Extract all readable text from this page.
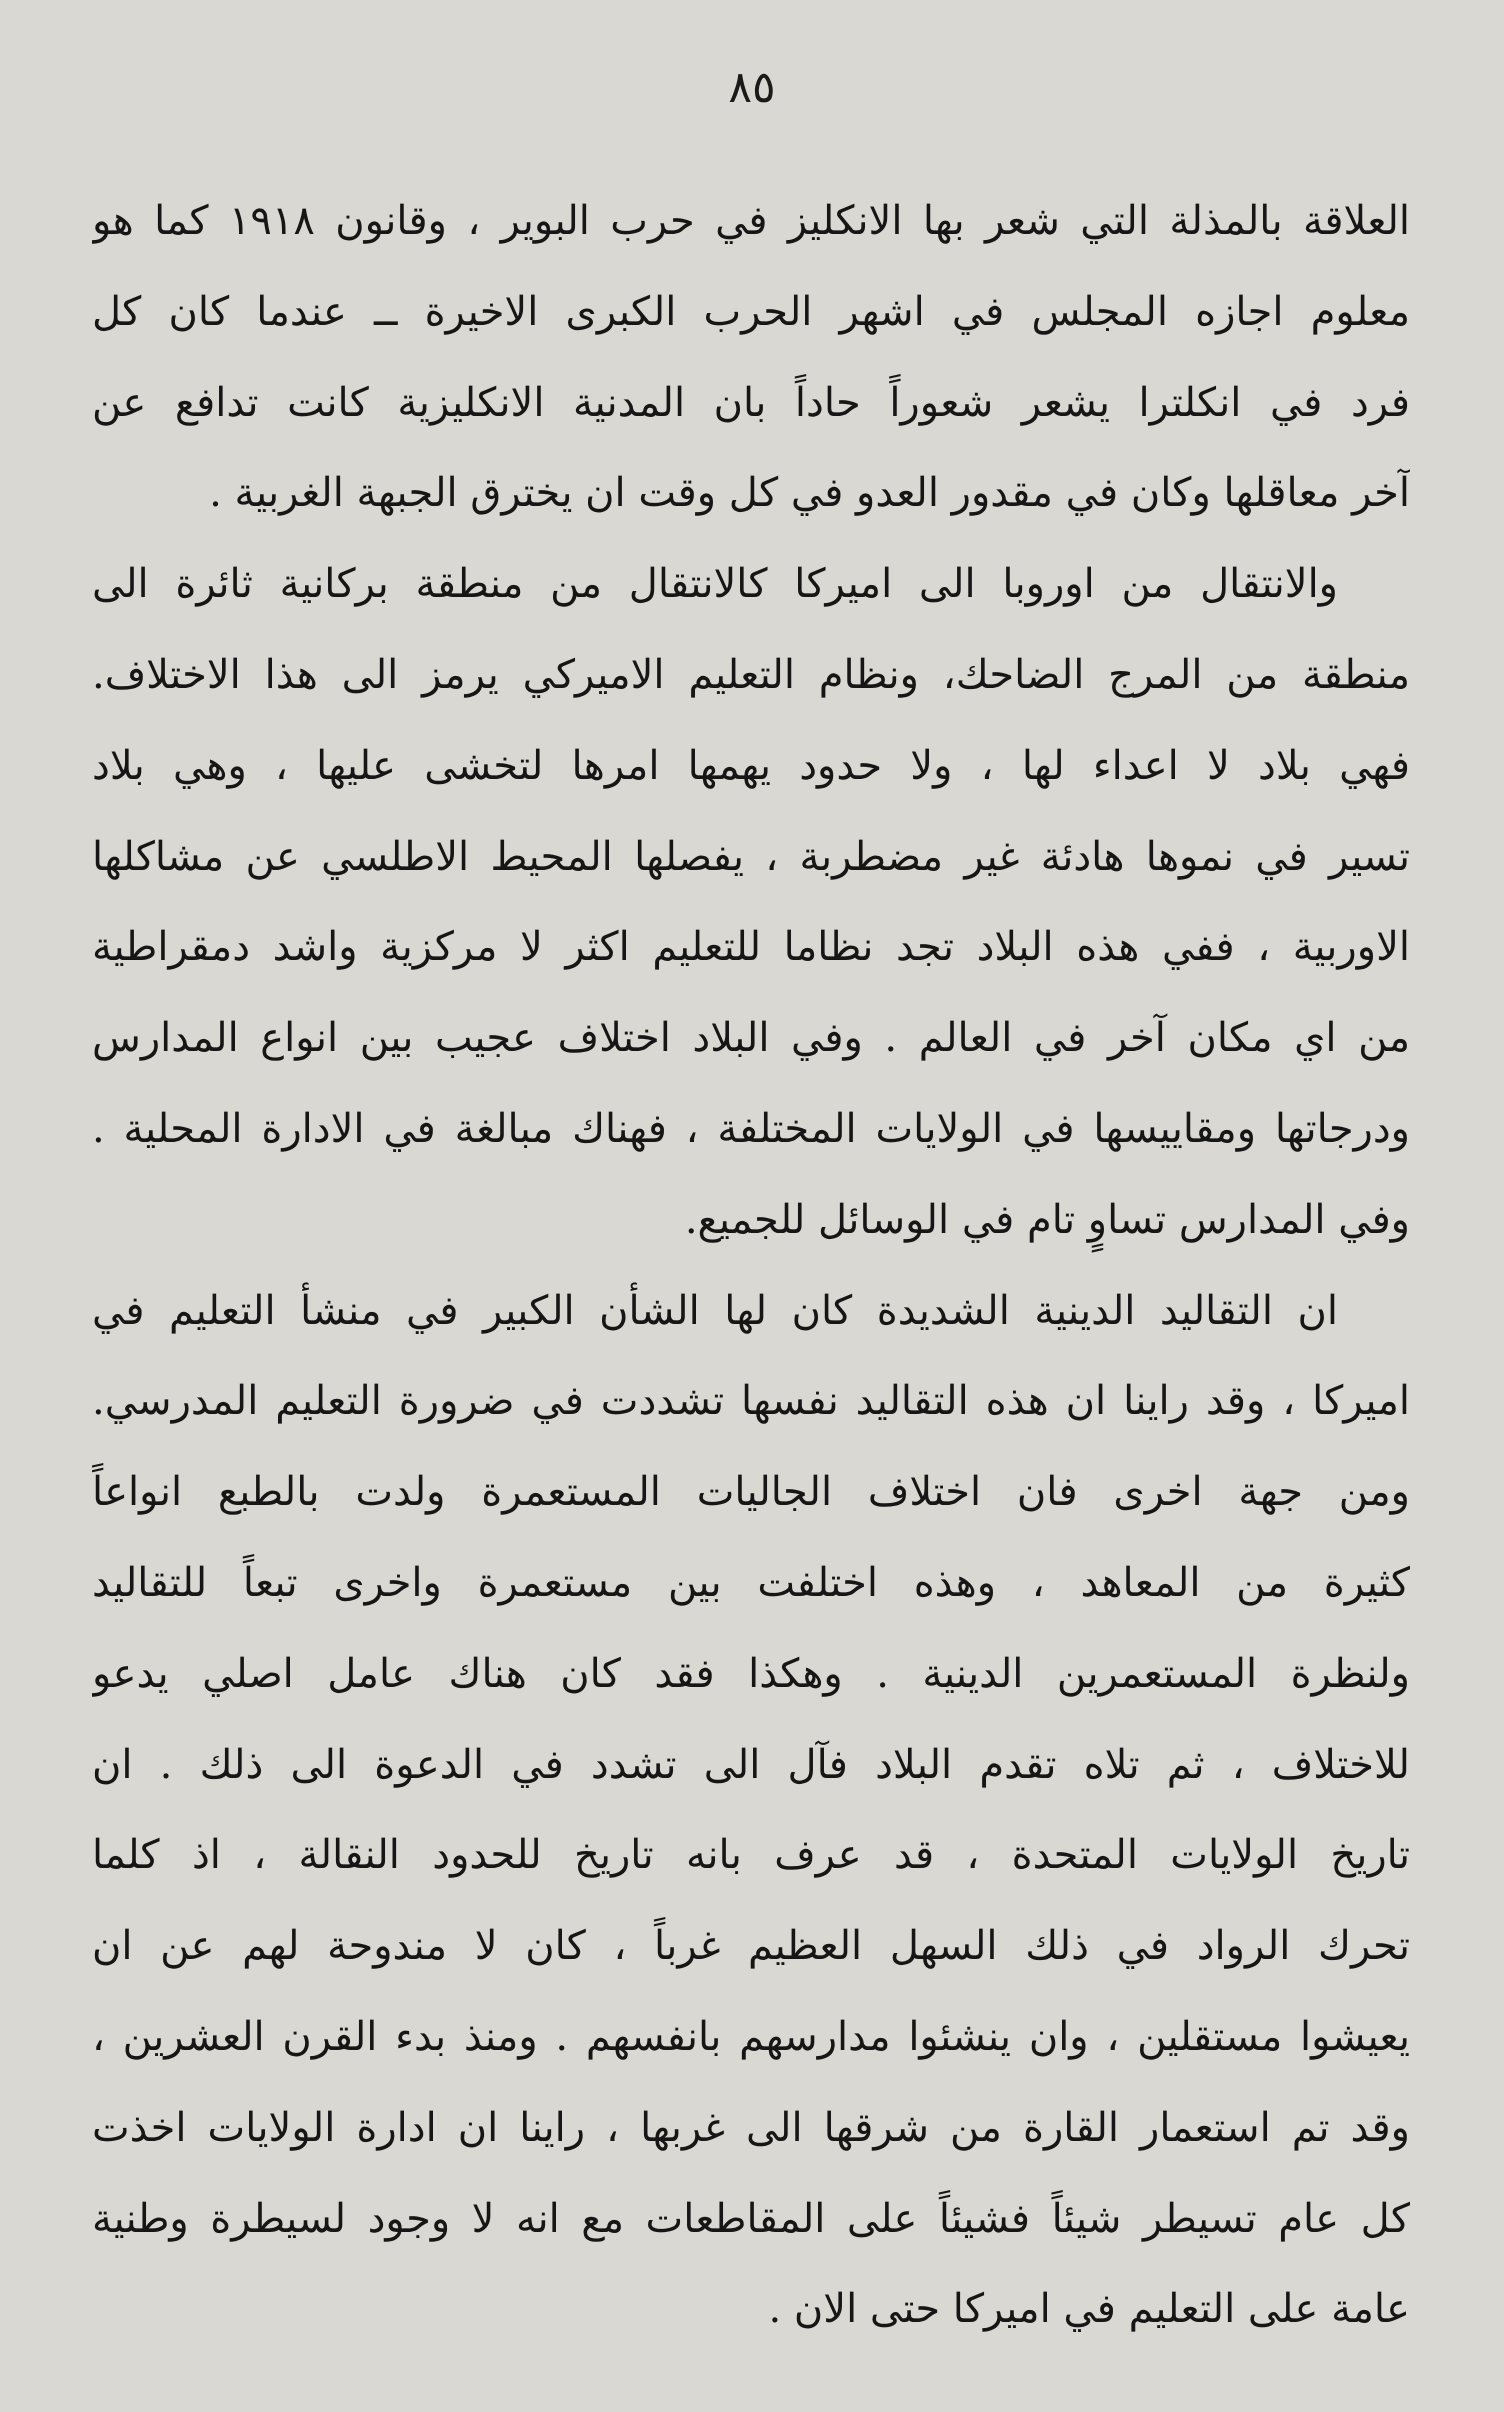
٨٥
العلاقة بالمذلة التي شعر بها الانكليز في حرب البوير ، وقانون ١٩١٨ كما هو
معلوم اجازه المجلس في اشهر الحرب الكبرى الاخيرة ــ عندما كان كل
فرد في انكلترا يشعر شعوراً حاداً بان المدنية الانكليزية كانت تدافع عن
آخر معاقلها وكان في مقدور العدو في كل وقت ان يخترق الجبهة الغربية .
والانتقال من اوروبا الى اميركا كالانتقال من منطقة بركانية ثائرة الى
منطقة من المرج الضاحك، ونظام التعليم الاميركي يرمز الى هذا الاختلاف.
فهي بلاد لا اعداء لها ، ولا حدود يهمها امرها لتخشى عليها ، وهي بلاد
تسير في نموها هادئة غير مضطربة ، يفصلها المحيط الاطلسي عن مشاكلها
الاوربية ، ففي هذه البلاد تجد نظاما للتعليم اكثر لا مركزية واشد دمقراطية
من اي مكان آخر في العالم . وفي البلاد اختلاف عجيب بين انواع المدارس
ودرجاتها ومقاييسها في الولايات المختلفة ، فهناك مبالغة في الادارة المحلية .
وفي المدارس تساوٍ تام في الوسائل للجميع.
ان التقاليد الدينية الشديدة كان لها الشأن الكبير في منشأ التعليم في
اميركا ، وقد راينا ان هذه التقاليد نفسها تشددت في ضرورة التعليم المدرسي.
ومن جهة اخرى فان اختلاف الجاليات المستعمرة ولدت بالطبع انواعاً
كثيرة من المعاهد ، وهذه اختلفت بين مستعمرة واخرى تبعاً للتقاليد
ولنظرة المستعمرين الدينية . وهكذا فقد كان هناك عامل اصلي يدعو
للاختلاف ، ثم تلاه تقدم البلاد فآل الى تشدد في الدعوة الى ذلك . ان
تاريخ الولايات المتحدة ، قد عرف بانه تاريخ للحدود النقالة ، اذ كلما
تحرك الرواد في ذلك السهل العظيم غرباً ، كان لا مندوحة لهم عن ان
يعيشوا مستقلين ، وان ينشئوا مدارسهم بانفسهم . ومنذ بدء القرن العشرين ،
وقد تم استعمار القارة من شرقها الى غربها ، راينا ان ادارة الولايات اخذت
كل عام تسيطر شيئاً فشيئاً على المقاطعات مع انه لا وجود لسيطرة وطنية
عامة على التعليم في اميركا حتى الان .
